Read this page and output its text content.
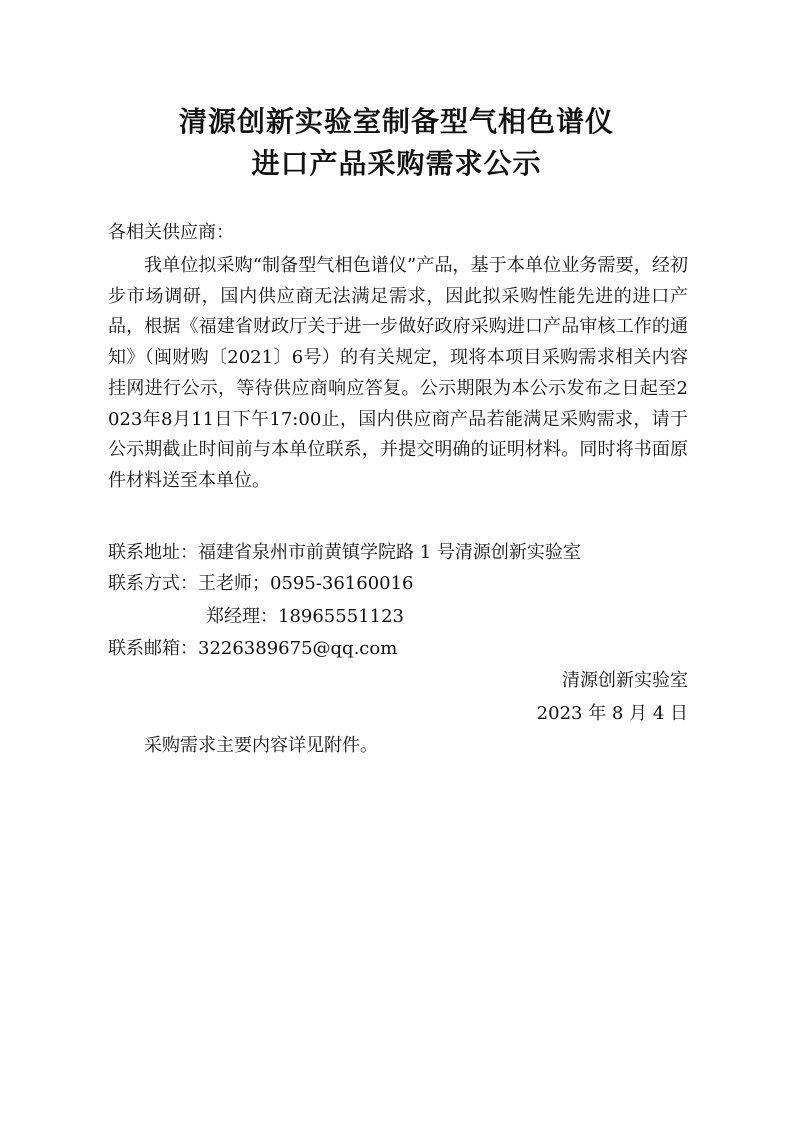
清源创新实验室制备型气相色谱仪
进口产品采购需求公示
各相关供应商：
我单位拟采购“制备型气相色谱仪”产品，基于本单位业务需要，经初步市场调研，国内供应商无法满足需求，因此拟采购性能先进的进口产品，根据《福建省财政厅关于进一步做好政府采购进口产品审核工作的通知》（闽财购〔2021〕6号）的有关规定，现将本项目采购需求相关内容挂网进行公示，等待供应商响应答复。公示期限为本公示发布之日起至2023年8月11日下午17:00止，国内供应商产品若能满足采购需求，请于公示期截止时间前与本单位联系，并提交明确的证明材料。同时将书面原件材料送至本单位。
联系地址：福建省泉州市前黄镇学院路 1 号清源创新实验室
联系方式：王老师；0595-36160016
郑经理：18965551123
联系邮箱：3226389675@qq.com
清源创新实验室
2023 年 8 月 4 日
采购需求主要内容详见附件。
